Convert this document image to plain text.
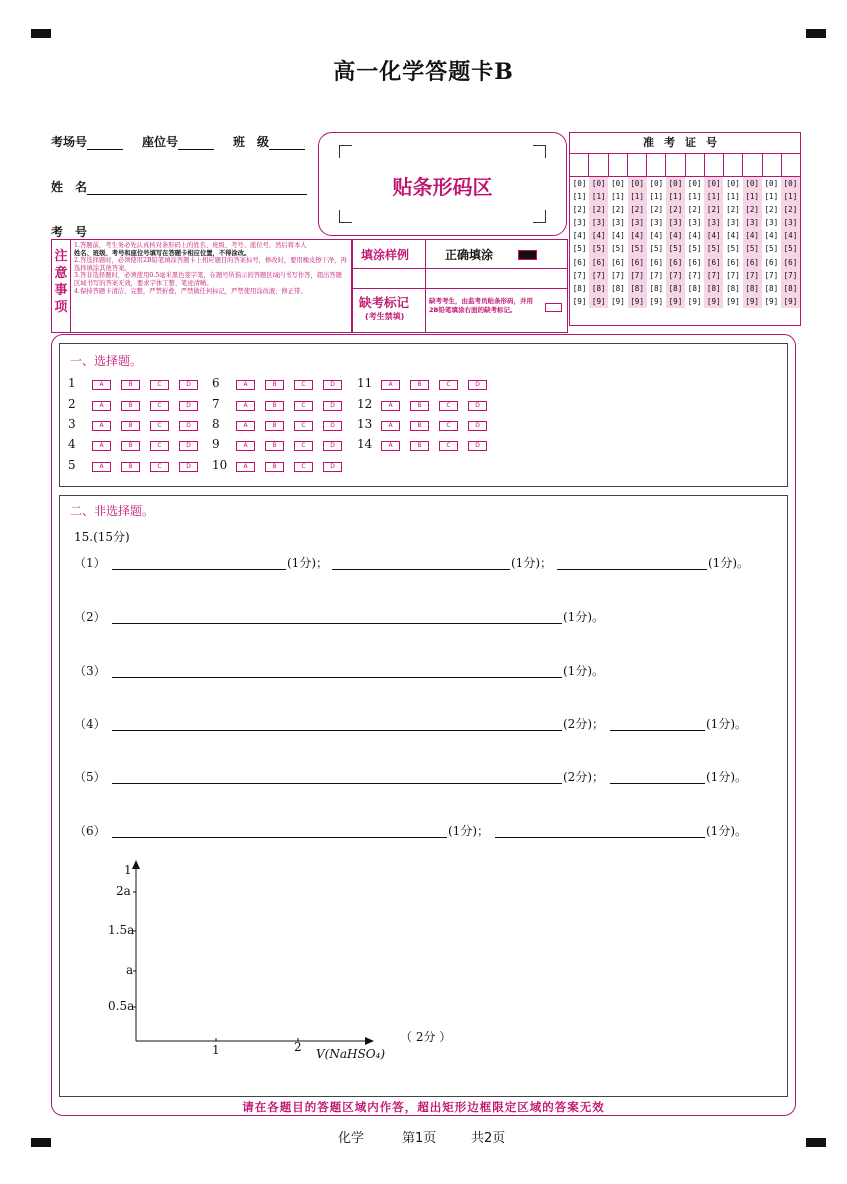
高一化学答题卡B
考场号	座位号	班　级
姓　名
考　号
贴条形码区
注
意
事
项
1.答题前，考生务必先认真核对条形码上的姓名、班级、考号、座位号，然后将本人
姓名、班级、考号和座位号填写在答题卡相应位置，不得涂改。
2.答选择题时，必须使用2B铅笔填涂答题卡上相应题目的答案标号，修改时，要用橡皮擦干净，再选择填涂其他答案。
3.答非选择题时，必须使用0.5毫米黑色签字笔，在题号所指示的答题区域内书写作答，超出答题区域书写的答案无效，要求字体工整、笔迹清晰。
4.保持答题卡清洁、完整，严禁折叠，严禁做任何标记，严禁使用涂改液、修正带。
填涂样例	正确填涂
缺考标记
(考生禁填)
缺考考生，由监考员贴条形码，并用2B铅笔填涂右面的缺考标记。
准考证号
[0]
[1]
[2]
[3]
[4]
[5]
[6]
[7]
[8]
[9]
[0]
[1]
[2]
[3]
[4]
[5]
[6]
[7]
[8]
[9]
[0]
[1]
[2]
[3]
[4]
[5]
[6]
[7]
[8]
[9]
[0]
[1]
[2]
[3]
[4]
[5]
[6]
[7]
[8]
[9]
[0]
[1]
[2]
[3]
[4]
[5]
[6]
[7]
[8]
[9]
[0]
[1]
[2]
[3]
[4]
[5]
[6]
[7]
[8]
[9]
[0]
[1]
[2]
[3]
[4]
[5]
[6]
[7]
[8]
[9]
[0]
[1]
[2]
[3]
[4]
[5]
[6]
[7]
[8]
[9]
[0]
[1]
[2]
[3]
[4]
[5]
[6]
[7]
[8]
[9]
[0]
[1]
[2]
[3]
[4]
[5]
[6]
[7]
[8]
[9]
[0]
[1]
[2]
[3]
[4]
[5]
[6]
[7]
[8]
[9]
[0]
[1]
[2]
[3]
[4]
[5]
[6]
[7]
[8]
[9]
一、选择题。
1	A	B	C	D
2	A	B	C	D
3	A	B	C	D
4	A	B	C	D
5	A	B	C	D
6	A	B	C	D
7	A	B	C	D
8	A	B	C	D
9	A	B	C	D
10	A	B	C	D
11	A	B	C	D
12	A	B	C	D
13	A	B	C	D
14	A	B	C	D
二、非选择题。
15.(15分)
（1）	(1分)；	(1分)；	(1分)。
（2）	(1分)。
（3）	(1分)。
（4）	(2分)；	(1分)。
（5）	(2分)；	(1分)。
（6）	(1分)；	(1分)。
1
2a
1.5a
a
0.5a
1	2 V(NaHSO₄)
（ 2分 ）
请在各题目的答题区域内作答，超出矩形边框限定区域的答案无效
化学	第1页	共2页
